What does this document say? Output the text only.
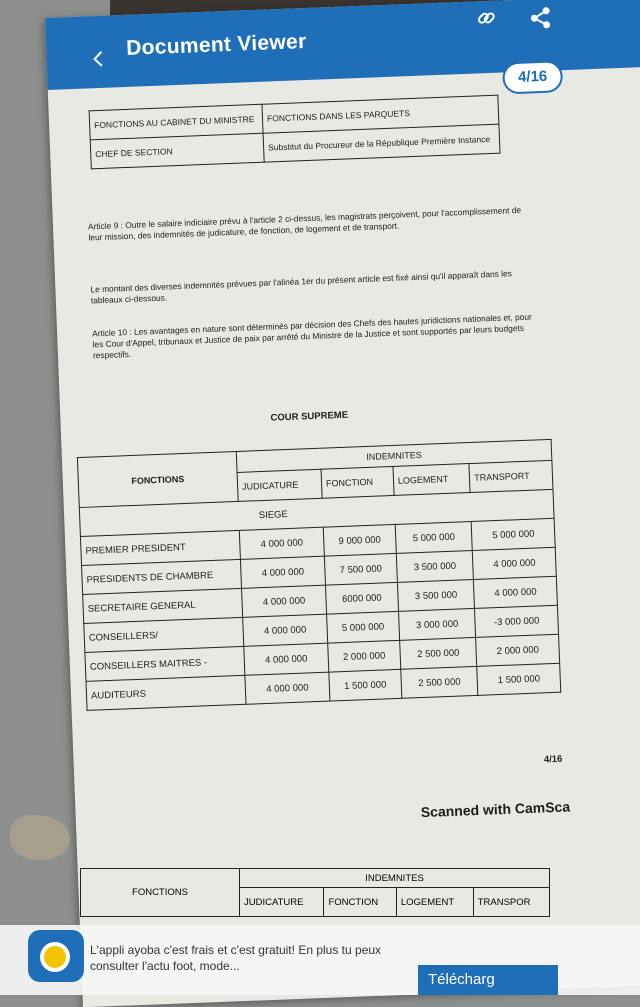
Document Viewer
4/16
FONCTIONS AU CABINET DU MINISTRE	FONCTIONS DANS LES PARQUETS
CHEF DE SECTION	Substitut du Procureur de la République Première Instance
Article 9 : Outre le salaire indiciaire prévu à l'article 2 ci-dessus, les magistrats perçoivent, pour l'accomplissement de leur mission, des indemnités de judicature, de fonction, de logement et de transport.
Le montant des diverses indemnités prévues par l'alinéa 1er du présent article est fixé ainsi qu'il apparaît dans les tableaux ci-dessous.
Article 10 : Les avantages en nature sont déterminés par décision des Chefs des hautes juridictions nationales et, pour les Cour d'Appel, tribunaux et Justice de paix par arrêté du Ministre de la Justice et sont supportés par leurs budgets respectifs.
COUR SUPREME
FONCTIONS	INDEMNITES			
	JUDICATURE	FONCTION	LOGEMENT	TRANSPORT
	SIEGE			
PREMIER PRESIDENT	4 000 000	9 000 000	5 000 000	5 000 000
PRESIDENTS DE CHAMBRE	4 000 000	7 500 000	3 500 000	4 000 000
SECRETAIRE GENERAL	4 000 000	6000 000	3 500 000	4 000 000
CONSEILLERS/	4 000 000	5 000 000	3 000 000	-3 000 000
CONSEILLERS MAITRES -	4 000 000	2 000 000	2 500 000	2 000 000
AUDITEURS	4 000 000	1 500 000	2 500 000	1 500 000
4/16
Scanned with CamSca
FONCTIONS	INDEMNITES			
	JUDICATURE	FONCTION	LOGEMENT	TRANSPOR
L'appli ayoba c'est frais et c'est gratuit! En plus tu peux consulter l'actu foot, mode...
Télécharg
